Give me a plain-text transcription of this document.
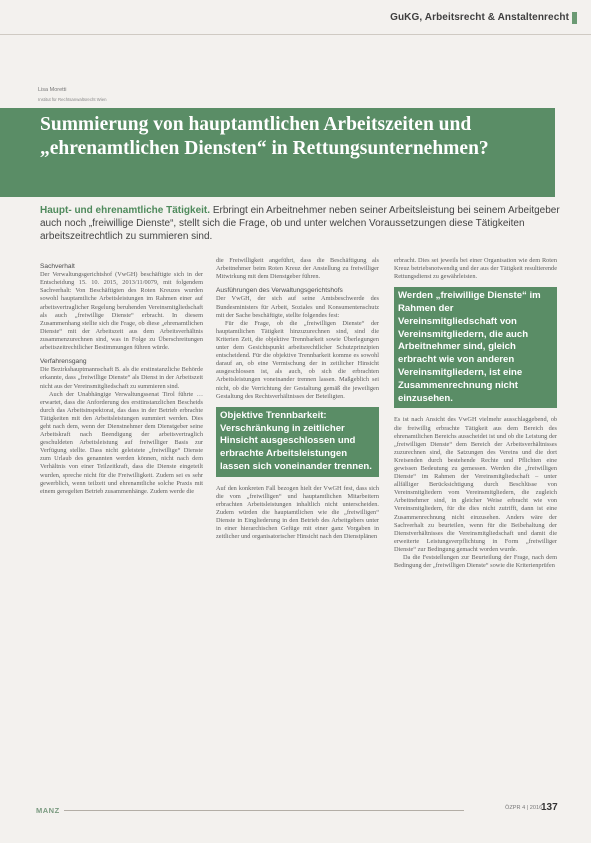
GuKG, Arbeitsrecht & Anstaltenrecht
Lisa Moretti
Institut für Rechtsanwaltsrecht Wien
Summierung von hauptamtlichen Arbeitszeiten und „ehrenamtlichen Diensten“ in Rettungsunternehmen?

Haupt- und ehrenamtliche Tätigkeit. Erbringt ein Arbeitnehmer neben seiner Arbeitsleistung bei seinem Arbeitgeber auch noch „freiwillige Dienste“, stellt sich die Frage, ob und unter welchen Voraussetzungen diese Tätigkeiten arbeitszeitrechtlich zu summieren sind.

Sachverhalt

Der Verwaltungsgerichtshof (VwGH) beschäftigte sich in der Entscheidung 15. 10. 2015, 2013/11/0079, mit folgendem Sachverhalt: Von Beschäftigten des Roten Kreuzes wurden sowohl hauptamtliche Arbeitsleistungen im Rahmen einer auf arbeitsvertraglicher Regelung beruhenden Vereinsmitgliedschaft als auch „freiwillige Dienste“ erbracht. In diesem Zusammenhang stellte sich die Frage, ob diese „ehrenamtlichen Dienste“ mit der Arbeitszeit aus dem Arbeitsverhältnis zusammenzurechnen sind, was in Folge zu Überschreitungen arbeitszeitrechtlicher Bestimmungen führen würde.

Verfahrensgang

Die Bezirkshauptmannschaft B. als die erstinstanzliche Behörde erkannte, dass „freiwillige Dienste“ als Dienst in der Arbeitszeit nicht aus der Vereinsmitgliedschaft zu summieren sind.

Auch der Unabhängige Verwaltungssenat Tirol führte … erwartet, dass die Anforderung des ersttinstanzlichen Bescheids durch das Arbeitsinspektorat, das dass in der Betrieb erbrachte Tätigkeiten mit den Arbeitsleistungen summiert werden. Dies geht nach dem, wenn der Dienstnehmer dem Dienstgeber seine Arbeitskraft nach Beendigung der arbeitsvertraglich geschuldeten Arbeitsleistung auf freiwilliger Basis zur Verfügung stellte. Dass nicht geleistete „freiwillige“ Dienste zum Urlaub des genannten werden können, nicht nach dem Verhältnis von einer Teilzeitkraft, dass die Dienste eingeteilt wurden, spreche nicht für die Freiwilligkeit. Zudem sei es sehr gewerblich, wenn teilzeit und ehrenamtliche solche Praxis mit einem geregelten Betrieb zusammenhänge. Zudem werde die

die Freiwilligkeit angeführt, dass die Beschäftigung als Arbeitnehmer beim Roten Kreuz der Anstellung zu freiwilliger Mitwirkung mit dem Dienstgeber führen.

Ausführungen des Verwaltungsgerichtshofs

Der VwGH, der sich auf seine Amtsbeschwerde des Bundesministers für Arbeit, Soziales und Konsumentenschutz mit der Sache beschäftigte, stellte folgendes fest:

Für die Frage, ob die „freiwilligen Dienste“ der hauptamtlichen Tätigkeit hinzuzurechnen sind, sind die Kriterien Zeit, die objektive Trennbarkeit sowie Überlegungen unter dem Gesichtspunkt arbeitsrechtlicher Schutzprinzipien entscheidend. Für die objektive Trennbarkeit komme es sowohl darauf an, ob eine Vermischung der in zeitlicher Hinsicht ausgeschlossen ist, als auch, ob sich die erbrachten Arbeitsleistungen voneinander trennen lassen. Maßgeblich sei nicht, ob die Verrichtung der Gestaltung gemäß die jeweiligen Gestaltung des Rechtsverhältnisses der Beteiligten.

Objektive Trennbarkeit: Verschränkung in zeitlicher Hinsicht ausgeschlossen und erbrachte Arbeitsleistungen lassen sich voneinander trennen.

Auf den konkreten Fall bezogen hielt der VwGH fest, dass sich die vom „freiwilligen“ und hauptamtlichen Mitarbeitern erbrachten Arbeitsleistungen inhaltlich nicht unterscheiden. Zudem würden die hauptamtlichen wie die „freiwilligen“ Dienste in Eingliederung in den Betrieb des Arbeitgebers unter in einer hierarchischen Gefüge mit einer ganz Vorgaben in zeitlicher und organisatorischer Hinsicht nach den Dienstplänen

erbracht. Dies sei jeweils bei einer Organisation wie dem Roten Kreuz betriebsnotwendig und der aus der Tätigkeit resultierende Rettungsdienst zu gewährleisten.

Werden „freiwillige Dienste“ im Rahmen der Vereinsmitgliedschaft von Vereinsmitgliedern, die auch Arbeitnehmer sind, gleich erbracht wie von anderen Vereinsmitgliedern, ist eine Zusammenrechnung nicht einzusehen.

Es ist nach Ansicht des VwGH vielmehr ausschlaggebend, ob die freiwillig erbrachte Tätigkeit aus dem Bereich des ehrenamtlichen Bereichs ausscheidet ist und ob die Leistung der „freiwilligen Dienste“ dem Bereich der Arbeitsverhältnisses zuzurechnen sind, die Satzungen des Vereins und die dort Kreisenden durch bestehende Rechte und Pflichten eine gewissen Bedeutung zu gemessen. Werden die „freiwilligen Dienste“ im Rahmen der Vereinsmitgliedschaft – unter allfälliger Berücksichtigung durch Beschlüsse von Vereinsmitgliedern vom Vereinsmitgliedern, die zugleich Arbeitnehmer sind, in gleicher Weise erbracht wie von Vereinsmitgliedern, für die dies nicht zutrifft, dann ist eine Zusammenrechnung nicht einzusehen. Anders wäre der Sachverhalt zu beurteilen, wenn für die Beibehaltung der Dienstverhältnisses die Vereinsmitgliedschaft und damit die erweiterte Leistungsverpflichtung in Form „freiwilliger Dienste“ zur Bedingung gemacht worden wurde.

Da die Feststellungen zur Beurteilung der Frage, nach dem Bedingung der „freiwilligen Dienste“ sowie die Kriterienprüfen

MANZ	ÖZPR 4 | 2016
137
